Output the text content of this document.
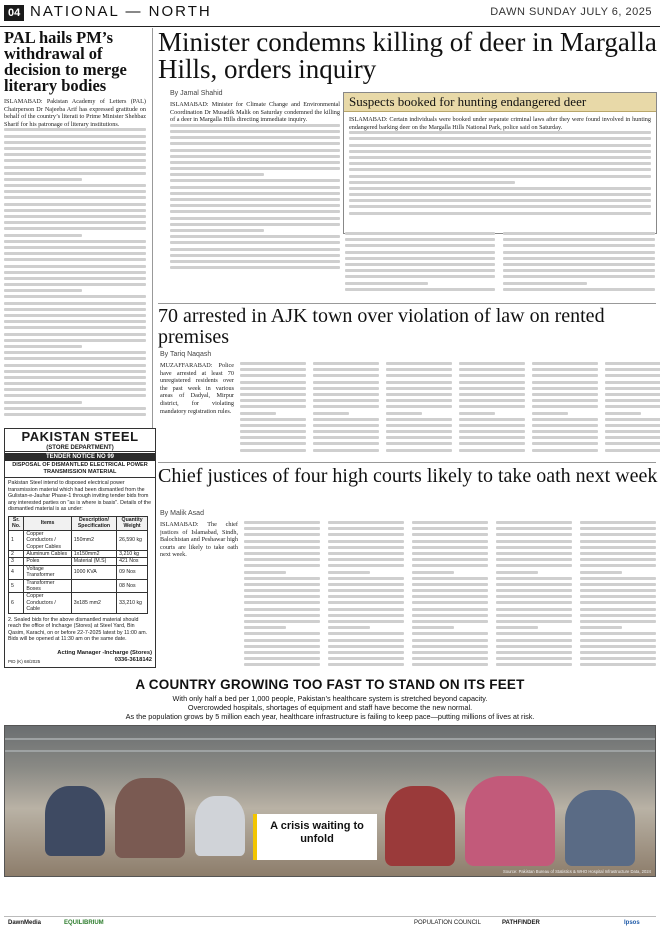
04 NATIONAL — NORTH	DAWN SUNDAY JULY 6, 2025
PAL hails PM’s withdrawal of decision to merge literary bodies
ISLAMABAD: Pakistan Academy of Letters (PAL) Chairperson Dr Najeeba Arif has expressed gratitude on behalf of the country’s literati to Prime Minister Shehbaz Sharif for his patronage of literary institutions.
Minister condemns killing of deer in Margalla Hills, orders inquiry
By Jamal Shahid
ISLAMABAD: Minister for Climate Change and Environmental Coordination Dr Musadik Malik on Saturday condemned the killing of a deer in Margalla Hills directing immediate inquiry.
Suspects booked for hunting endangered deer
ISLAMABAD: Certain individuals were booked under separate criminal laws after they were found involved in hunting endangered barking deer on the Margalla Hills National Park, police said on Saturday.
70 arrested in AJK town over violation of law on rented premises
By Tariq Naqash
MUZAFFARABAD: Police have arrested at least 70 unregistered residents over the past week in various areas of Dadyal, Mirpur district, for violating mandatory registration rules.
Chief justices of four high courts likely to take oath next week
By Malik Asad
ISLAMABAD: The chief justices of Islamabad, Sindh, Balochistan and Peshawar high courts are likely to take oath next week.
PAKISTAN STEEL
(STORE DEPARTMENT)
TENDER NOTICE NO 99
DISPOSAL OF DISMANTLED ELECTRICAL POWER TRANSMISSION MATERIAL
Pakistan Steel intend to disposed electrical power transmission material which had been dismantled from the Gulistan-e-Jauhar Phase-1 through inviting tender bids from any interested parties on "as is where is basis". Details of the dismantled material is as under:
Sr. No.	Items	Description/ Specification	Quantity Weight
1	Copper Conductors / Copper Cables	150mm2	26,590 kg
2	Aluminum Cables	1x150mm2	3,210 kg
3	Poles	Material (M.S)	421 Nos
4	Voltage Transformer	1000 KVA	09 Nos
5	Transformer Boxes		08 Nos
6	Copper Conductors / Cable	3x185 mm2	33,210 kg
2. Sealed bids for the above dismantled material should reach the office of Incharge (Stores) at Steel Yard, Bin Qasim, Karachi, on or before 22-7-2025 latest by 11:00 am. Bids will be opened at 11:30 am on the same date.
PID (K) 68/2025
Acting Manager -Incharge (Stores)
0336-3618142
A COUNTRY GROWING TOO FAST TO STAND ON ITS FEET
With only half a bed per 1,000 people, Pakistan’s healthcare system is stretched beyond capacity.
Overcrowded hospitals, shortages of equipment and staff have become the new normal.
As the population grows by 5 million each year, healthcare infrastructure is failing to keep pace—putting millions of lives at risk.
A crisis waiting to unfold
Source: Pakistan Bureau of Statistics & WHO Hospital Infrastructure Data, 2024
DawnMedia	EQUILIBRIUM	POPULATION COUNCIL	PATHFINDER	Ipsos
